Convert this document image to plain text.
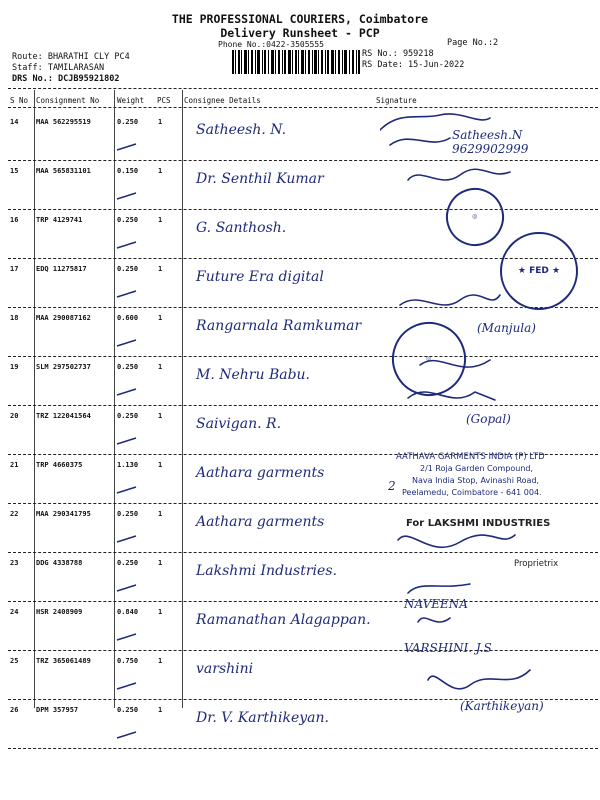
THE PROFESSIONAL COURIERS, Coimbatore
Delivery Runsheet - PCP
Phone No.:0422-3505555	Page No.:2
Route: BHARATHI CLY PC4
Staff: TAMILARASAN
DRS No.: DCJB95921802
RS No.: 959218
RS Date: 15-Jun-2022
S No Consignment No Weight PCS Consignee Details	Signature
14	MAA 562295519	0.250	1 Satheesh. N.
15	MAA 565831101	0.150	1 Dr. Senthil Kumar
16	TRP 4129741	0.250	1 G. Santhosh.
17	EDQ 11275817	0.250	1 Future Era digital
18	MAA 290087162	0.600	1 Rangarnala Ramkumar
19	SLM 297502737	0.250	1 M. Nehru Babu.
20	TRZ 122041564	0.250	1 Saivigan. R.
21	TRP 4660375	1.130	1 Aathara garments
22	MAA 290341795	0.250	1 Aathara garments
23	DDG 4338788	0.250	1 Lakshmi Industries.
24	HSR 2408909	0.840	1 Ramanathan Alagappan.
25	TRZ 365061489	0.750	1 varshini
26	DPM 357957	0.250	1 Dr. V. Karthikeyan.
◎
★ FED ★
◎
AATHAVA GARMENTS INDIA (P) LTD
2/1 Roja Garden Compound,
Nava India Stop, Avinashi Road,
Peelamedu, Coimbatore - 641 004.
For LAKSHMI INDUSTRIES
Proprietrix
Satheesh.N 9629902999
(Manjula)
(Gopal)
2
NAVEENA
VARSHINI. J.S
(Karthikeyan)
